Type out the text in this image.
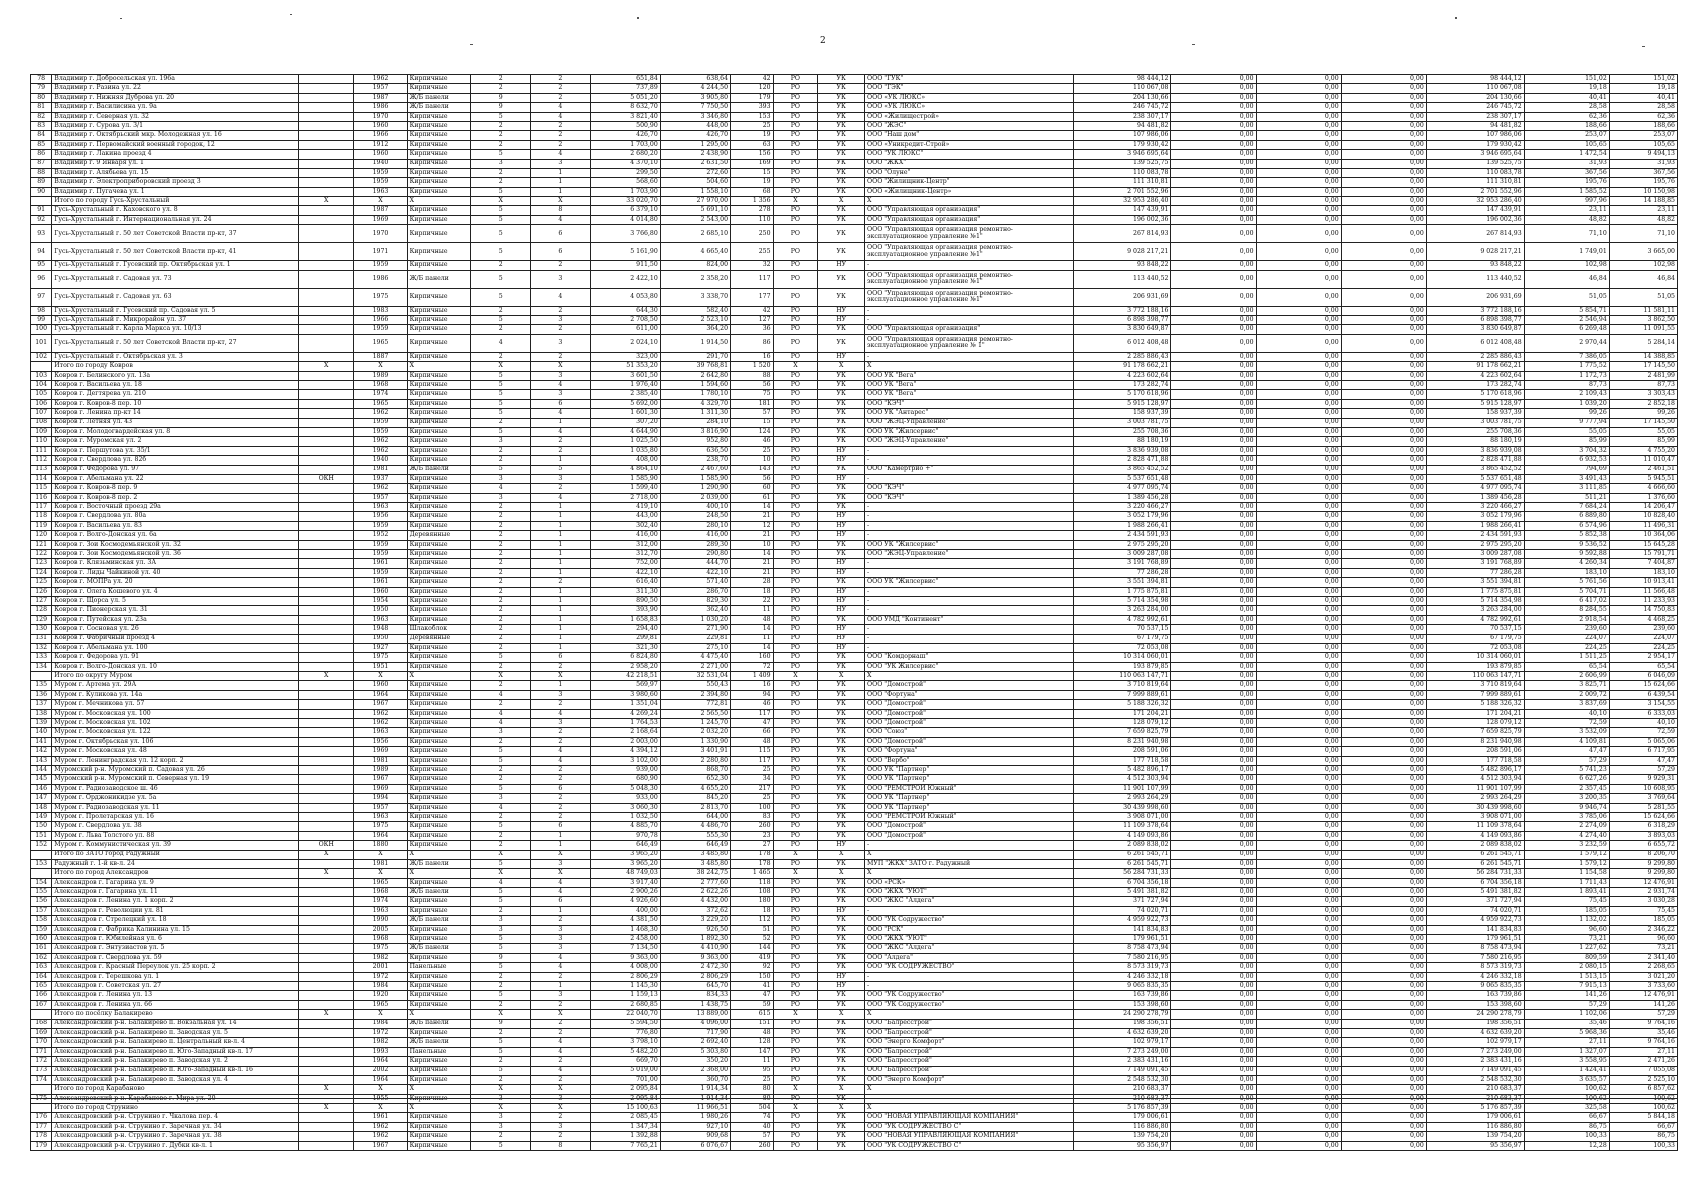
2
78	Владимир г. Добросельская ул. 196а		1962	Кирпичные	2	2	651,84	638,64	42	РО	УК	ООО "ГУК"	98 444,12	0,00	0,00	0,00	98 444,12	151,02	151,02
79	Владимир г. Разина ул. 22		1957	Кирпичные	2	2	737,89	4 244,50	120	РО	УК	ООО "ГЭК"	110 067,08	0,00	0,00	0,00	110 067,08	19,18	19,18
80	Владимир г. Нижняя Дуброва ул. 20		1987	Ж/Б панели	9	2	5 051,20	3 905,80	179	РО	УК	ООО «УК ЛЮКС»	204 130,66	0,00	0,00	0,00	204 130,66	40,41	40,41
81	Владимир г. Василисина ул. 9а		1986	Ж/Б панели	9	4	8 632,70	7 750,50	393	РО	УК	ООО «УК ЛЮКС»	246 745,72	0,00	0,00	0,00	246 745,72	28,58	28,58
82	Владимир г. Северная ул. 32		1970	Кирпичные	5	4	3 821,40	3 346,80	153	РО	УК	ООО «Жилищестрой»	238 307,17	0,00	0,00	0,00	238 307,17	62,36	62,36
83	Владимир г. Сурова ул. 3/1		1960	Кирпичные	2	2	500,90	448,00	25	РО	УК	ООО "ЖЭС"	94 481,82	0,00	0,00	0,00	94 481,82	188,66	188,66
84	Владимир г. Октябрьский мкр. Молодежная ул. 16		1966	Кирпичные	2	2	426,70	426,70	19	РО	УК	ООО "Наш дом"	107 986,06	0,00	0,00	0,00	107 986,06	253,07	253,07
85	Владимир г. Первомайский военный городок, 12		1912	Кирпичные	2	2	1 703,00	1 295,00	63	РО	УК	ООО «Уникредит-Строй»	179 930,42	0,00	0,00	0,00	179 930,42	105,65	105,65
86	Владимир г. Лакина проезд 4		1960	Кирпичные	5	4	2 680,20	2 438,90	156	РО	УК	ООО "УК ЛЮКС"	3 946 695,64	0,00	0,00	0,00	3 946 695,64	1 472,54	9 494,13
87	Владимир г. 9 Января ул. 1		1940	Кирпичные	3	3	4 370,10	2 631,50	169	РО	УК	ООО "ЖКХ"	139 525,75	0,00	0,00	0,00	139 525,75	31,93	31,93
88	Владимир г. Алябьева ул. 15		1959	Кирпичные	2	1	299,50	272,60	15	РО	УК	ООО "Олуне"	110 083,78	0,00	0,00	0,00	110 083,78	367,56	367,56
89	Владимир г. Электроприборовский проезд 3		1959	Кирпичные	2	1	568,60	504,60	19	РО	УК	ООО "Жилищник-Центр"	111 310,81	0,00	0,00	0,00	111 310,81	195,76	195,76
90	Владимир г. Пугачева ул. 1		1963	Кирпичные	5	1	1 703,90	1 558,10	68	РО	УК	ООО «Жилищник-Центр»	2 701 552,96	0,00	0,00	0,00	2 701 552,96	1 585,52	10 150,98
	Итого по городу Гусь-Хрустальный	X	X	X	X	X	33 020,70	27 970,00	1 356	X	X	X	32 953 286,40	0,00	0,00	0,00	32 953 286,40	997,96	14 188,85
91	Гусь-Хрустальный г. Каховского ул. 8		1987	Кирпичные	5	8	6 379,10	5 691,10	278	РО	УК	ООО "Управляющая организация"	147 439,91	0,00	0,00	0,00	147 439,91	23,11	23,11
92	Гусь-Хрустальный г. Интернациональная ул. 24		1969	Кирпичные	5	4	4 014,80	2 543,00	110	РО	УК	ООО "Управляющая организация"	196 002,36	0,00	0,00	0,00	196 002,36	48,82	48,82
93	Гусь-Хрустальный г. 50 лет Советской Власти пр-кт, 37		1970	Кирпичные	5	6	3 766,80	2 685,10	250	РО	УК	ООО "Управляющая организация ремонтно-эксплуатационное управление №1"	267 814,93	0,00	0,00	0,00	267 814,93	71,10	71,10
94	Гусь-Хрустальный г. 50 лет Советской Власти пр-кт, 41		1971	Кирпичные	5	6	5 161,90	4 665,40	255	РО	УК	ООО "Управляющая организация ремонтно-эксплуатационное управление №1"	9 028 217,21	0,00	0,00	0,00	9 028 217,21	1 749,01	3 665,00
95	Гусь-Хрустальный г. Гусевский пр. Октябрьская ул. 1		1959	Кирпичные	2	2	911,50	824,00	32	РО	НУ	-	93 848,22	0,00	0,00	0,00	93 848,22	102,98	102,98
96	Гусь-Хрустальный г. Садовая ул. 73		1986	Ж/Б панели	5	3	2 422,10	2 358,20	117	РО	УК	ООО "Управляющая организация ремонтно-эксплуатационное управление №1"	113 440,52	0,00	0,00	0,00	113 440,52	46,84	46,84
97	Гусь-Хрустальный г. Садовая ул. 63		1975	Кирпичные	5	4	4 053,80	3 338,70	177	РО	УК	ООО "Управляющая организация ремонтно-эксплуатационное управление №1"	206 931,69	0,00	0,00	0,00	206 931,69	51,05	51,05
98	Гусь-Хрустальный г. Гусевский пр. Садовая ул. 5		1983	Кирпичные	2	2	644,30	582,40	42	РО	НУ	-	3 772 188,16	0,00	0,00	0,00	3 772 188,16	5 854,71	11 581,11
99	Гусь-Хрустальный г. Микрорайон ул. 37		1966	Кирпичные	5	3	2 708,50	2 523,10	127	РО	НУ	-	6 898 398,77	0,00	0,00	0,00	6 898 398,77	2 546,94	3 862,50
100	Гусь-Хрустальный г. Карла Маркса ул. 10/13		1959	Кирпичные	2	2	611,00	364,20	36	РО	УК	ООО "Управляющая организация"	3 830 649,87	0,00	0,00	0,00	3 830 649,87	6 269,48	11 091,55
101	Гусь-Хрустальный г. 50 лет Советской Власти пр-кт, 27		1965	Кирпичные	4	3	2 024,10	1 914,50	86	РО	УК	ООО "Управляющая организация ремонтно-эксплуатационное управление № 1"	6 012 408,48	0,00	0,00	0,00	6 012 408,48	2 970,44	5 284,14
102	Гусь-Хрустальный г. Октябрьская ул. 3		1887	Кирпичные	2	2	323,00	291,70	16	РО	НУ	-	2 285 886,43	0,00	0,00	0,00	2 285 886,43	7 386,05	14 388,85
	Итого по городу Ковров	X	X	X	X	X	51 353,20	39 768,81	1 520	X	X	X	91 178 662,21	0,00	0,00	0,00	91 178 662,21	1 775,52	17 145,50
103	Ковров г. Белинского ул. 13а		1989	Кирпичные	5	3	3 601,50	2 642,80	88	РО	УК	ООО УК "Вега"	4 223 602,64	0,00	0,00	0,00	4 223 602,64	1 172,73	2 481,99
104	Ковров г. Васильева ул. 18		1968	Кирпичные	5	4	1 976,40	1 594,60	56	РО	УК	ООО УК "Вега"	173 282,74	0,00	0,00	0,00	173 282,74	87,73	87,73
105	Ковров г. Дегтярева ул. 210		1974	Кирпичные	5	3	2 385,40	1 780,10	75	РО	УК	ООО УК "Вега"	5 170 618,96	0,00	0,00	0,00	5 170 618,96	2 109,43	3 303,43
106	Ковров г. Ковров-8 пер. 10		1965	Кирпичные	5	6	5 692,00	4 329,70	181	РО	УК	ООО "КЭЧ"	5 915 128,97	0,00	0,00	0,00	5 915 128,97	1 039,20	2 852,18
107	Ковров г. Ленина пр-кт 14		1962	Кирпичные	5	4	1 601,30	1 311,30	57	РО	УК	ООО УК "Антарес"	158 937,39	0,00	0,00	0,00	158 937,39	99,26	99,26
108	Ковров г. Летняя ул. 43		1959	Кирпичные	2	1	307,20	284,10	15	РО	УК	ООО "ЖЭЦ-Управление"	3 003 781,75	0,00	0,00	0,00	3 003 781,75	9 777,94	17 145,50
109	Ковров г. Молодогвардейская ул. 8		1959	Кирпичные	5	4	4 644,90	3 816,90	124	РО	УК	ООО УК "Жилсервис"	255 708,36	0,00	0,00	0,00	255 708,36	55,05	55,05
110	Ковров г. Муромская ул. 2		1962	Кирпичные	3	2	1 025,50	952,80	46	РО	УК	ООО "ЖЭЦ-Управление"	88 180,19	0,00	0,00	0,00	88 180,19	85,99	85,99
111	Ковров г. Першутова ул. 35/1		1962	Кирпичные	2	2	1 035,80	636,50	25	РО	НУ	-	3 836 939,08	0,00	0,00	0,00	3 836 939,08	3 704,32	4 755,20
112	Ковров г. Свердлова ул. 82б		1940	Кирпичные	2	1	408,00	238,70	10	РО	НУ	-	2 828 471,88	0,00	0,00	0,00	2 828 471,88	6 932,53	11 010,47
113	Ковров г. Федорова ул. 97		1981	Ж/Б панели	5	5	4 864,10	2 467,60	143	РО	УК	ООО "Камертрио +"	3 865 452,52	0,00	0,00	0,00	3 865 452,52	794,69	2 461,51
114	Ковров г. Абельмана ул. 22	ОКН	1937	Кирпичные	3	3	1 585,90	1 585,90	56	РО	НУ	-	5 537 651,48	0,00	0,00	0,00	5 537 651,48	3 491,43	5 945,51
115	Ковров г. Ковров-8 пер. 9		1962	Кирпичные	4	2	1 599,40	1 290,90	60	РО	УК	ООО "КЭЧ"	4 977 095,74	0,00	0,00	0,00	4 977 095,74	3 111,85	4 666,60
116	Ковров г. Ковров-8 пер. 2		1957	Кирпичные	3	4	2 718,00	2 039,00	61	РО	УК	ООО "КЭЧ"	1 389 456,28	0,00	0,00	0,00	1 389 456,28	511,21	1 376,60
117	Ковров г. Восточный проезд 29а		1963	Кирпичные	2	1	419,10	400,10	14	РО	УК	-	3 220 466,27	0,00	0,00	0,00	3 220 466,27	7 684,24	14 206,47
118	Ковров г. Свердлова ул. 80а		1956	Кирпичные	2	1	443,00	248,50	21	РО	НУ	-	3 052 179,96	0,00	0,00	0,00	3 052 179,96	6 889,80	10 828,40
119	Ковров г. Васильева ул. 83		1959	Кирпичные	2	1	302,40	280,10	12	РО	НУ	-	1 988 266,41	0,00	0,00	0,00	1 988 266,41	6 574,96	11 496,31
120	Ковров г. Волго-Донская ул. 6а		1952	Деревянные	2	1	416,00	416,00	21	РО	НУ	-	2 434 591,93	0,00	0,00	0,00	2 434 591,93	5 852,38	10 364,06
121	Ковров г. Зои Космодемьянской ул. 32		1959	Кирпичные	2	1	312,00	289,30	10	РО	УК	ООО УК "Жилсервис"	2 975 295,20	0,00	0,00	0,00	2 975 295,20	9 536,52	15 645,28
122	Ковров г. Зои Космодемьянской ул. 36		1959	Кирпичные	2	1	312,70	290,80	14	РО	УК	ООО "ЖЭЦ-Управление"	3 009 287,08	0,00	0,00	0,00	3 009 287,08	9 592,88	15 791,71
123	Ковров г. Клязьминская ул. 3А		1961	Кирпичные	2	1	752,00	444,70	21	РО	НУ	-	3 191 768,89	0,00	0,00	0,00	3 191 768,89	4 260,34	7 404,87
124	Ковров г. Лиды Чайкиной ул. 40		1959	Кирпичные	2	1	422,10	422,10	21	РО	НУ	-	77 286,28	0,00	0,00	0,00	77 286,28	183,10	183,10
125	Ковров г. МОПРа ул. 20		1961	Кирпичные	2	2	616,40	571,40	28	РО	УК	ООО УК "Жилсервис"	3 551 394,81	0,00	0,00	0,00	3 551 394,81	5 761,56	10 913,41
126	Ковров г. Олега Кошевого ул. 4		1960	Кирпичные	2	1	311,30	286,70	18	РО	НУ	-	1 775 875,81	0,00	0,00	0,00	1 775 875,81	5 704,71	11 566,48
127	Ковров г. Щорса ул. 5		1954	Кирпичные	2	1	890,50	829,30	22	РО	НУ	-	5 714 354,98	0,00	0,00	0,00	5 714 354,98	6 417,02	11 233,93
128	Ковров г. Пионерская ул. 31		1950	Кирпичные	2	1	393,90	362,40	11	РО	НУ	-	3 263 284,00	0,00	0,00	0,00	3 263 284,00	8 284,55	14 750,83
129	Ковров г. Путейская ул. 23а		1963	Кирпичные	2	1	1 658,83	1 030,20	48	РО	УК	ООО УМД "Континент"	4 782 992,61	0,00	0,00	0,00	4 782 992,61	2 918,54	4 468,25
130	Ковров г. Сосновая ул. 26		1948	Шлакоблок	2	1	294,40	271,90	14	РО	НУ	-	70 537,15	0,00	0,00	0,00	70 537,15	239,60	239,60
131	Ковров г. Фабричный проезд 4		1950	Деревянные	2	1	299,81	229,81	11	РО	НУ	-	67 179,75	0,00	0,00	0,00	67 179,75	224,07	224,07
132	Ковров г. Абельмана ул. 100		1927	Кирпичные	2	1	321,30	275,10	14	РО	НУ	-	72 053,08	0,00	0,00	0,00	72 053,08	224,25	224,25
133	Ковров г. Федорова ул. 91		1975	Кирпичные	5	6	6 824,80	4 475,40	160	РО	УК	ООО "Комдорнаш"	10 314 060,01	0,00	0,00	0,00	10 314 060,01	1 511,25	2 954,17
134	Ковров г. Волго-Донская ул. 10		1951	Кирпичные	2	2	2 958,20	2 271,00	72	РО	УК	ООО "УК Жилсервис"	193 879,85	0,00	0,00	0,00	193 879,85	65,54	65,54
	Итого по округу Муром	X	X	X	X	X	42 218,51	32 531,04	1 409	X	X	X	110 063 147,71	0,00	0,00	0,00	110 063 147,71	2 606,99	6 046,09
135	Муром г. Артема ул. 29А		1960	Кирпичные	2	1	569,97	550,43	16	РО	УК	ООО "Домострой"	3 710 819,64	0,00	0,00	0,00	3 710 819,64	3 825,71	15 624,66
136	Муром г. Куликова ул. 14а		1964	Кирпичные	4	3	3 980,60	2 394,80	94	РО	УК	ООО "Фортуна"	7 999 889,61	0,00	0,00	0,00	7 999 889,61	2 009,72	6 439,54
137	Муром г. Мечникова ул. 57		1967	Кирпичные	2	2	1 351,04	772,81	46	РО	УК	ООО "Домострой"	5 188 326,32	0,00	0,00	0,00	5 188 326,32	3 837,69	3 154,55
138	Муром г. Московская ул. 100		1962	Кирпичные	4	4	4 269,24	2 565,50	117	РО	УК	ООО "Домострой"	171 204,21	0,00	0,00	0,00	171 204,21	40,10	6 333,03
139	Муром г. Московская ул. 102		1962	Кирпичные	4	3	1 764,53	1 245,70	47	РО	УК	ООО "Домострой"	128 079,12	0,00	0,00	0,00	128 079,12	72,59	40,10
140	Муром г. Московская ул. 122		1963	Кирпичные	3	2	2 168,64	2 032,20	66	РО	УК	ООО "Союз"	7 659 825,79	0,00	0,00	0,00	7 659 825,79	3 532,09	72,59
141	Муром г. Октябрьская ул. 106		1956	Кирпичные	2	2	2 003,00	1 330,90	48	РО	УК	ООО "Домострой"	8 231 940,98	0,00	0,00	0,00	8 231 940,98	4 109,81	5 065,06
142	Муром г. Московская ул. 48		1969	Кирпичные	5	4	4 394,12	3 401,91	115	РО	УК	ООО "Фортуна"	208 591,06	0,00	0,00	0,00	208 591,06	47,47	6 717,95
143	Муром г. Ленинградская ул. 12 корп. 2		1981	Кирпичные	5	4	3 102,00	2 280,80	117	РО	УК	ООО "Вербо"	177 718,58	0,00	0,00	0,00	177 718,58	57,29	47,47
144	Муромский р-н. Муромский п. Садовая ул. 26		1989	Кирпичные	2	2	939,00	868,70	25	РО	УК	ООО УК "Партнер"	5 482 896,17	0,00	0,00	0,00	5 482 896,17	5 741,23	57,29
145	Муромский р-н. Муромский п. Северная ул. 19		1967	Кирпичные	2	2	680,90	652,30	34	РО	УК	ООО УК "Партнер"	4 512 303,94	0,00	0,00	0,00	4 512 303,94	6 627,26	9 929,31
146	Муром г. Радиозаводское ш. 46		1969	Кирпичные	5	6	5 048,30	4 655,20	217	РО	УК	ООО "РЕМСТРОЙ Южный"	11 901 107,99	0,00	0,00	0,00	11 901 107,99	2 357,45	10 608,95
147	Муром г. Орджоникидзе ул. 5а		1994	Кирпичные	3	2	933,00	845,20	25	РО	УК	ООО УК "Партнер"	2 993 264,29	0,00	0,00	0,00	2 993 264,29	3 200,35	3 769,64
148	Муром г. Радиозаводская ул. 11		1957	Кирпичные	4	2	3 060,30	2 813,70	100	РО	УК	ООО УК "Партнер"	30 439 998,60	0,00	0,00	0,00	30 439 998,60	9 946,74	5 281,55
149	Муром г. Пролетарская ул. 16		1963	Кирпичные	2	2	1 032,50	644,00	83	РО	УК	ООО "РЕМСТРОЙ Южный"	3 908 071,00	0,00	0,00	0,00	3 908 071,00	3 785,06	15 624,66
150	Муром г. Свердлова ул. 38		1975	Кирпичные	5	6	4 885,70	4 486,70	260	РО	УК	ООО "Домострой"	11 109 378,64	0,00	0,00	0,00	11 109 378,64	2 274,09	6 318,29
151	Муром г. Льва Толстого ул. 88		1964	Кирпичные	2	1	970,78	555,30	23	РО	УК	ООО "Домострой"	4 149 093,86	0,00	0,00	0,00	4 149 093,86	4 274,40	3 893,03
152	Муром г. Коммунистическая ул. 39	ОКН	1880	Кирпичные	2	1	646,49	646,49	27	РО	НУ	-	2 089 838,02	0,00	0,00	0,00	2 089 838,02	3 232,59	6 655,72
	Итого по ЗАТО город Радужный	X	X	X	X	X	3 965,20	3 485,80	178	X	X	X	6 261 545,71	0,00	0,00	0,00	6 261 545,71	1 579,12	8 206,70
153	Радужный г. 1-й кв-л. 24		1981	Ж/Б панели	5	3	3 965,20	3 485,80	178	РО	УК	МУП "ЖКХ" ЗАТО г. Радужный	6 261 545,71	0,00	0,00	0,00	6 261 545,71	1 579,12	9 299,80
	Итого по город Александров	X	X	X	X	X	48 749,03	38 242,75	1 465	X	X	X	56 284 731,33	0,00	0,00	0,00	56 284 731,33	1 154,58	9 299,80
154	Александров г. Гагарина ул. 9		1965	Кирпичные	4	4	3 917,40	2 777,60	118	РО	УК	ООО «РСК»	6 704 356,18	0,00	0,00	0,00	6 704 356,18	1 711,43	12 476,91
155	Александров г. Гагарина ул. 11		1968	Ж/Б панели	5	4	2 900,26	2 622,26	108	РО	УК	ООО "ЖКХ "УЮТ"	5 491 381,82	0,00	0,00	0,00	5 491 381,82	1 893,41	2 931,74
156	Александров г. Ленина ул. 1 корп. 2		1974	Кирпичные	5	6	4 926,60	4 432,00	180	РО	УК	ООО "ЖКС "Алдега"	371 727,94	0,00	0,00	0,00	371 727,94	75,45	3 030,28
157	Александров г. Революции ул. 81		1963	Кирпичные	2	1	400,00	372,62	18	РО	НУ	-	74 020,71	0,00	0,00	0,00	74 020,71	185,05	75,45
158	Александров г. Стрелецкий ул. 18		1990	Ж/Б панели	3	2	4 381,50	3 229,20	112	РО	УК	ООО "УК Содружество"	4 959 922,73	0,00	0,00	0,00	4 959 922,73	1 132,02	185,05
159	Александров г. Фабрика Калинина ул. 15		2005	Кирпичные	3	3	1 468,30	926,50	51	РО	УК	ООО "РСК"	141 834,83	0,00	0,00	0,00	141 834,83	96,60	2 346,22
160	Александров г. Юбилейная ул. 6		1968	Кирпичные	5	3	2 458,00	1 892,30	52	РО	УК	ООО "ЖКХ "УЮТ"	179 961,51	0,00	0,00	0,00	179 961,51	73,21	96,60
161	Александров г. Энтузиастов ул. 5		1975	Ж/Б панели	5	3	7 134,50	4 410,90	144	РО	УК	ООО "ЖКС "Алдега"	8 758 473,94	0,00	0,00	0,00	8 758 473,94	1 227,62	73,21
162	Александров г. Свердлова ул. 59		1982	Кирпичные	9	4	9 363,00	9 363,00	419	РО	УК	ООО "Алдега"	7 580 216,95	0,00	0,00	0,00	7 580 216,95	809,59	2 341,40
163	Александров г. Красный Переулок ул. 25 корп. 2		2001	Панельные	5	4	4 008,00	2 472,30	92	РО	УК	ООО "УК СОДРУЖЕСТВО"	8 573 319,73	0,00	0,00	0,00	8 573 319,73	2 080,15	2 268,65
164	Александров г. Терешкова ул. 1		1972	Кирпичные	2	2	2 806,29	2 806,29	150	РО	НУ	-	4 246 332,18	0,00	0,00	0,00	4 246 332,18	1 513,15	3 021,20
165	Александров г. Советская ул. 27		1984	Кирпичные	2	1	1 145,30	645,70	41	РО	НУ	-	9 065 835,35	0,00	0,00	0,00	9 065 835,35	7 915,13	3 733,60
166	Александров г. Ленина ул. 13		1920	Кирпичные	5	3	1 159,13	834,33	47	РО	УК	ООО "УК Содружество"	163 739,86	0,00	0,00	0,00	163 739,86	141,26	12 476,91
167	Александров г. Ленина ул. 66		1965	Кирпичные	2	2	2 680,85	1 438,75	59	РО	УК	ООО "УК Содружество"	153 398,60	0,00	0,00	0,00	153 398,60	57,29	141,26
	Итого по посёлку Балакирево	X	X	X	X	X	22 040,70	13 889,00	615	X	X	X	24 290 278,79	0,00	0,00	0,00	24 290 278,79	1 102,06	57,29
168	Александровский р-н. Балакирево п. Вокзальная ул. 14		1984	Ж/Б панели	9	2	5 594,50	4 096,00	151	РО	УК	ООО "Балресстрой"	198 356,51	0,00	0,00	0,00	198 356,51	35,46	9 764,16
169	Александровский р-н. Балакирево п. Заводская ул. 5		1972	Кирпичные	2	2	776,80	717,90	48	РО	УК	ООО "Балресстрой"	4 632 639,20	0,00	0,00	0,00	4 632 639,20	5 968,36	35,46
170	Александровский р-н. Балакирево п. Центральный кв-л. 4		1982	Ж/Б панели	5	4	3 798,10	2 692,40	128	РО	УК	ООО "Энерго Комфорт"	102 979,17	0,00	0,00	0,00	102 979,17	27,11	9 764,16
171	Александровский р-н. Балакирево п. Юго-Западный кв-л. 17		1993	Панельные	5	4	5 482,20	5 303,80	147	РО	УК	ООО "Балресстрой"	7 273 249,00	0,00	0,00	0,00	7 273 249,00	1 327,07	27,11
172	Александровский р-н. Балакирево п. Заводская ул. 2		1964	Кирпичные	2	2	669,70	350,20	11	РО	УК	ООО "Балресстрой"	2 383 431,16	0,00	0,00	0,00	2 383 431,16	3 558,95	2 471,26
173	Александровский р-н. Балакирево п. Юго-Западный кв-л. 16		2002	Кирпичные	5	4	5 019,00	2 368,00	95	РО	УК	ООО "Балресстрой"	7 149 091,45	0,00	0,00	0,00	7 149 091,45	1 424,41	7 055,08
174	Александровский р-н. Балакирево п. Заводская ул. 4		1964	Кирпичные	2	2	701,00	360,70	25	РО	УК	ООО "Энерго Комфорт"	2 548 532,30	0,00	0,00	0,00	2 548 532,30	3 635,57	2 525,10
	Итого по город Карабаново	X	X	X	X	X	2 095,84	1 914,34	80	X	X	X	210 683,37	0,00	0,00	0,00	210 683,37	100,62	6 857,62
175	Александровский р-н. Карабаново г. Мира ул. 20		1955	Кирпичные	3	3	2 095,84	1 914,34	80	РО	УК	-	210 683,37	0,00	0,00	0,00	210 683,37	100,62	100,62
	Итого по город Струнино	X	X	X	X	X	15 100,63	11 966,51	504	X	X	X	5 176 857,39	0,00	0,00	0,00	5 176 857,39	325,58	100,62
176	Александровский р-н. Струнино г. Чкалова пер. 4		1961	Кирпичные	3	2	2 085,45	1 980,26	74	РО	УК	ООО "НОВАЯ УПРАВЛЯЮЩАЯ КОМПАНИЯ"	179 006,61	0,00	0,00	0,00	179 006,61	66,67	5 844,18
177	Александровский р-н. Струнино г. Заречная ул. 34		1962	Кирпичные	3	3	1 347,34	927,10	40	РО	УК	ООО "УК СОДРУЖЕСТВО С"	116 886,80	0,00	0,00	0,00	116 886,80	86,75	66,67
178	Александровский р-н. Струнино г. Заречная ул. 38		1962	Кирпичные	2	2	1 392,88	909,68	57	РО	УК	ООО "НОВАЯ УПРАВЛЯЮЩАЯ КОМПАНИЯ"	139 754,20	0,00	0,00	0,00	139 754,20	100,33	86,75
179	Александровский р-н. Струнино г. Дубки кв-л. 1		1967	Кирпичные	5	8	7 765,21	6 076,67	260	РО	УК	ООО "УК СОДРУЖЕСТВО С"	95 356,97	0,00	0,00	0,00	95 356,97	12,28	100,33
